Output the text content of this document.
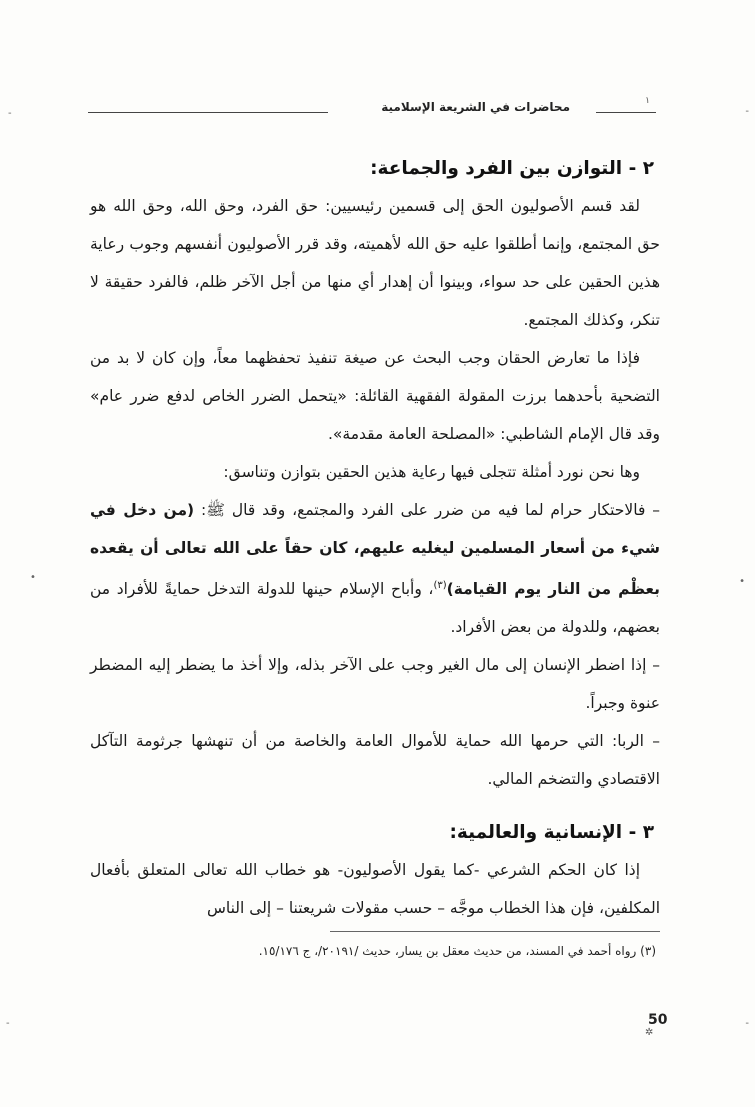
محاضرات في الشريعة الإسلامية	١
٢ - التوازن بين الفرد والجماعة:

لقد قسم الأصوليون الحق إلى قسمين رئيسيين: حق الفرد، وحق الله، وحق الله هو حق المجتمع، وإنما أطلقوا عليه حق الله لأهميته، وقد قرر الأصوليون أنفسهم وجوب رعاية هذين الحقين على حد سواء، وبينوا أن إهدار أي منها من أجل الآخر ظلم، فالفرد حقيقة لا تنكر، وكذلك المجتمع.

فإذا ما تعارض الحقان وجب البحث عن صيغة تنفيذ تحفظهما معاً، وإن كان لا بد من التضحية بأحدهما برزت المقولة الفقهية القائلة: «يتحمل الضرر الخاص لدفع ضرر عام» وقد قال الإمام الشاطبي: «المصلحة العامة مقدمة».

وها نحن نورد أمثلة تتجلى فيها رعاية هذين الحقين بتوازن وتناسق:

– فالاحتكار حرام لما فيه من ضرر على الفرد والمجتمع، وقد قال ﷺ: (من دخل في شيء من أسعار المسلمين ليغليه عليهم، كان حقاً على الله تعالى أن يقعده بعظْم من النار يوم القيامة)$^{(٣)}$، وأباح الإسلام حينها للدولة التدخل حمايةً للأفراد من بعضهم، وللدولة من بعض الأفراد.

– إذا اضطر الإنسان إلى مال الغير وجب على الآخر بذله، وإلا أخذ ما يضطر إليه المضطر عنوة وجبراً.

– الربا: التي حرمها الله حماية للأموال العامة والخاصة من أن تنهشها جرثومة التآكل الاقتصادي والتضخم المالي.

٣ - الإنسانية والعالمية:

إذا كان الحكم الشرعي -كما يقول الأصوليون- هو خطاب الله تعالى المتعلق بأفعال المكلفين، فإن هذا الخطاب موجَّه – حسب مقولات شريعتنا – إلى الناس

(٣) رواه أحمد في المسند، من حديث معقل بن يسار، حديث /٢٠١٩١/، ج ١٥/١٧٦.
50
✲
-
-
•	•
-	-
